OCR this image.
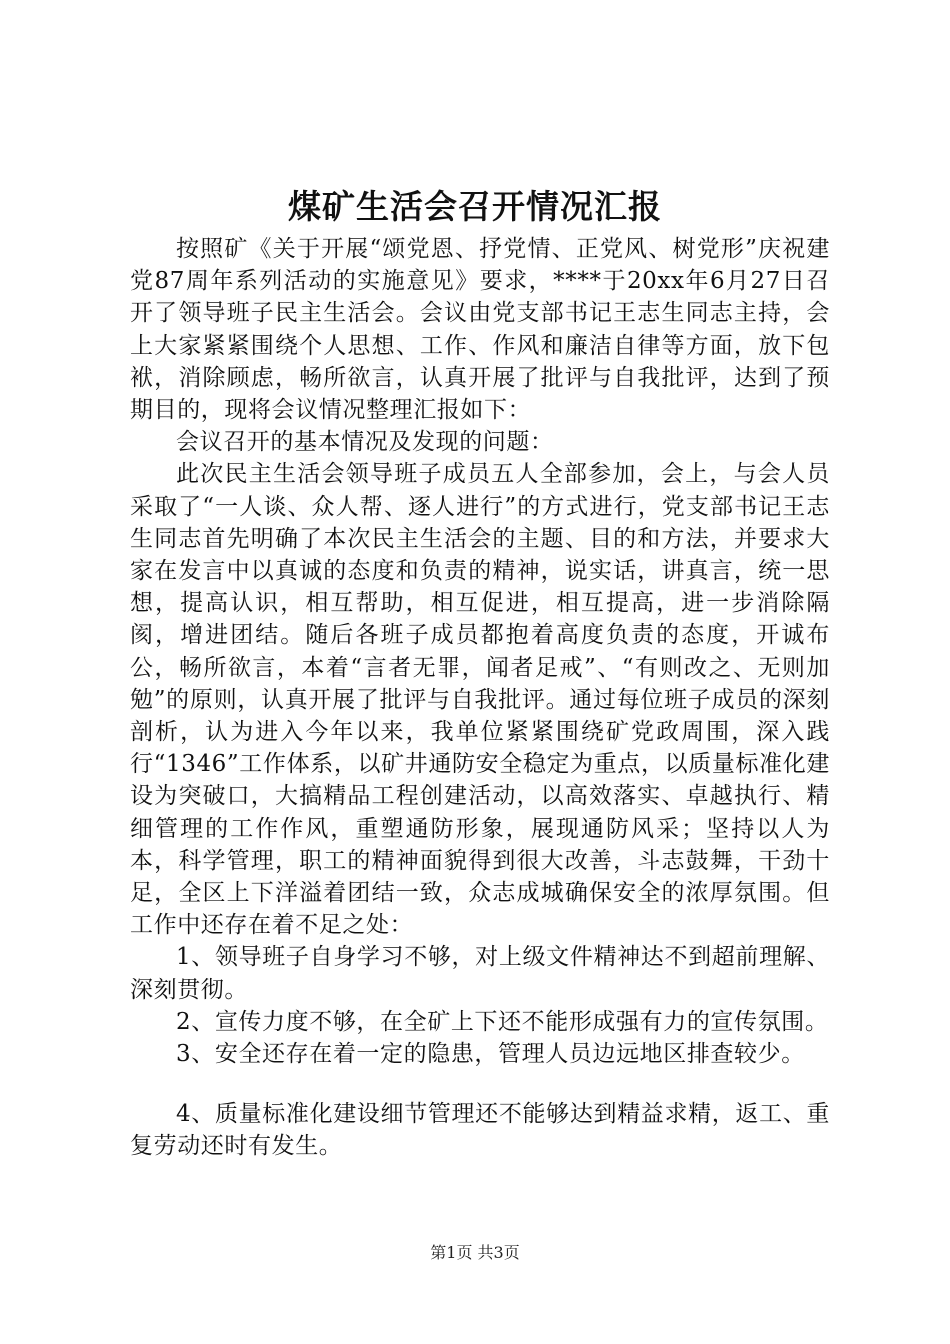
煤矿生活会召开情况汇报

按照矿《关于开展“颂党恩、抒党情、正党风、树党形”庆祝建党87周年系列活动的实施意见》要求，****于20xx年6月27日召开了领导班子民主生活会。会议由党支部书记王志生同志主持，会上大家紧紧围绕个人思想、工作、作风和廉洁自律等方面，放下包袱，消除顾虑，畅所欲言，认真开展了批评与自我批评，达到了预期目的，现将会议情况整理汇报如下：

会议召开的基本情况及发现的问题：

此次民主生活会领导班子成员五人全部参加，会上，与会人员采取了“一人谈、众人帮、逐人进行”的方式进行，党支部书记王志生同志首先明确了本次民主生活会的主题、目的和方法，并要求大家在发言中以真诚的态度和负责的精神，说实话，讲真言，统一思想，提高认识，相互帮助，相互促进，相互提高，进一步消除隔阂，增进团结。随后各班子成员都抱着高度负责的态度，开诚布公，畅所欲言，本着“言者无罪，闻者足戒”、“有则改之、无则加勉”的原则，认真开展了批评与自我批评。通过每位班子成员的深刻剖析，认为进入今年以来，我单位紧紧围绕矿党政周围，深入践行“1346”工作体系，以矿井通防安全稳定为重点，以质量标准化建设为突破口，大搞精品工程创建活动，以高效落实、卓越执行、精细管理的工作作风，重塑通防形象，展现通防风采；坚持以人为本，科学管理，职工的精神面貌得到很大改善，斗志鼓舞，干劲十足，全区上下洋溢着团结一致，众志成城确保安全的浓厚氛围。但工作中还存在着不足之处：

1、领导班子自身学习不够，对上级文件精神达不到超前理解、深刻贯彻。

2、宣传力度不够，在全矿上下还不能形成强有力的宣传氛围。

3、安全还存在着一定的隐患，管理人员边远地区排查较少。

4、质量标准化建设细节管理还不能够达到精益求精，返工、重复劳动还时有发生。

第1页 共3页
